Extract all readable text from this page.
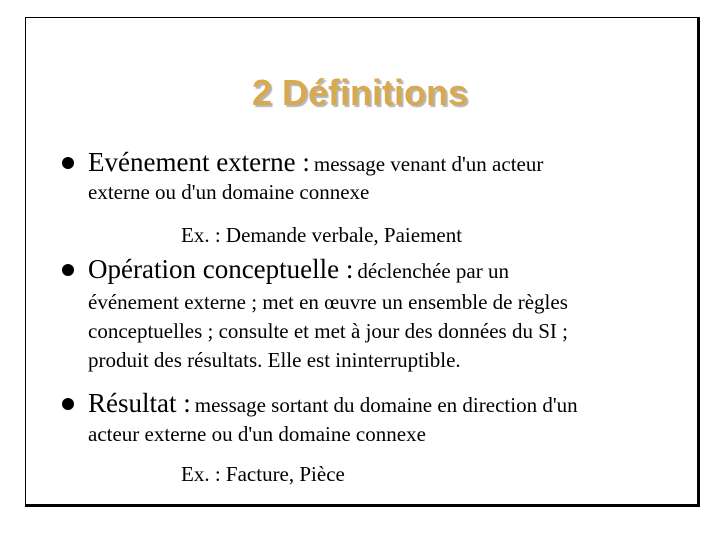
2 Définitions
Evénement externe : message venant d'un acteur
externe ou d'un domaine connexe
Ex. : Demande verbale, Paiement
Opération conceptuelle : déclenchée par un
événement externe ; met en œuvre un ensemble de règles
conceptuelles ; consulte et met à jour des données du SI ;
produit des résultats. Elle est ininterruptible.
Résultat : message sortant du domaine en direction d'un
acteur externe ou d'un domaine connexe
Ex. : Facture, Pièce
